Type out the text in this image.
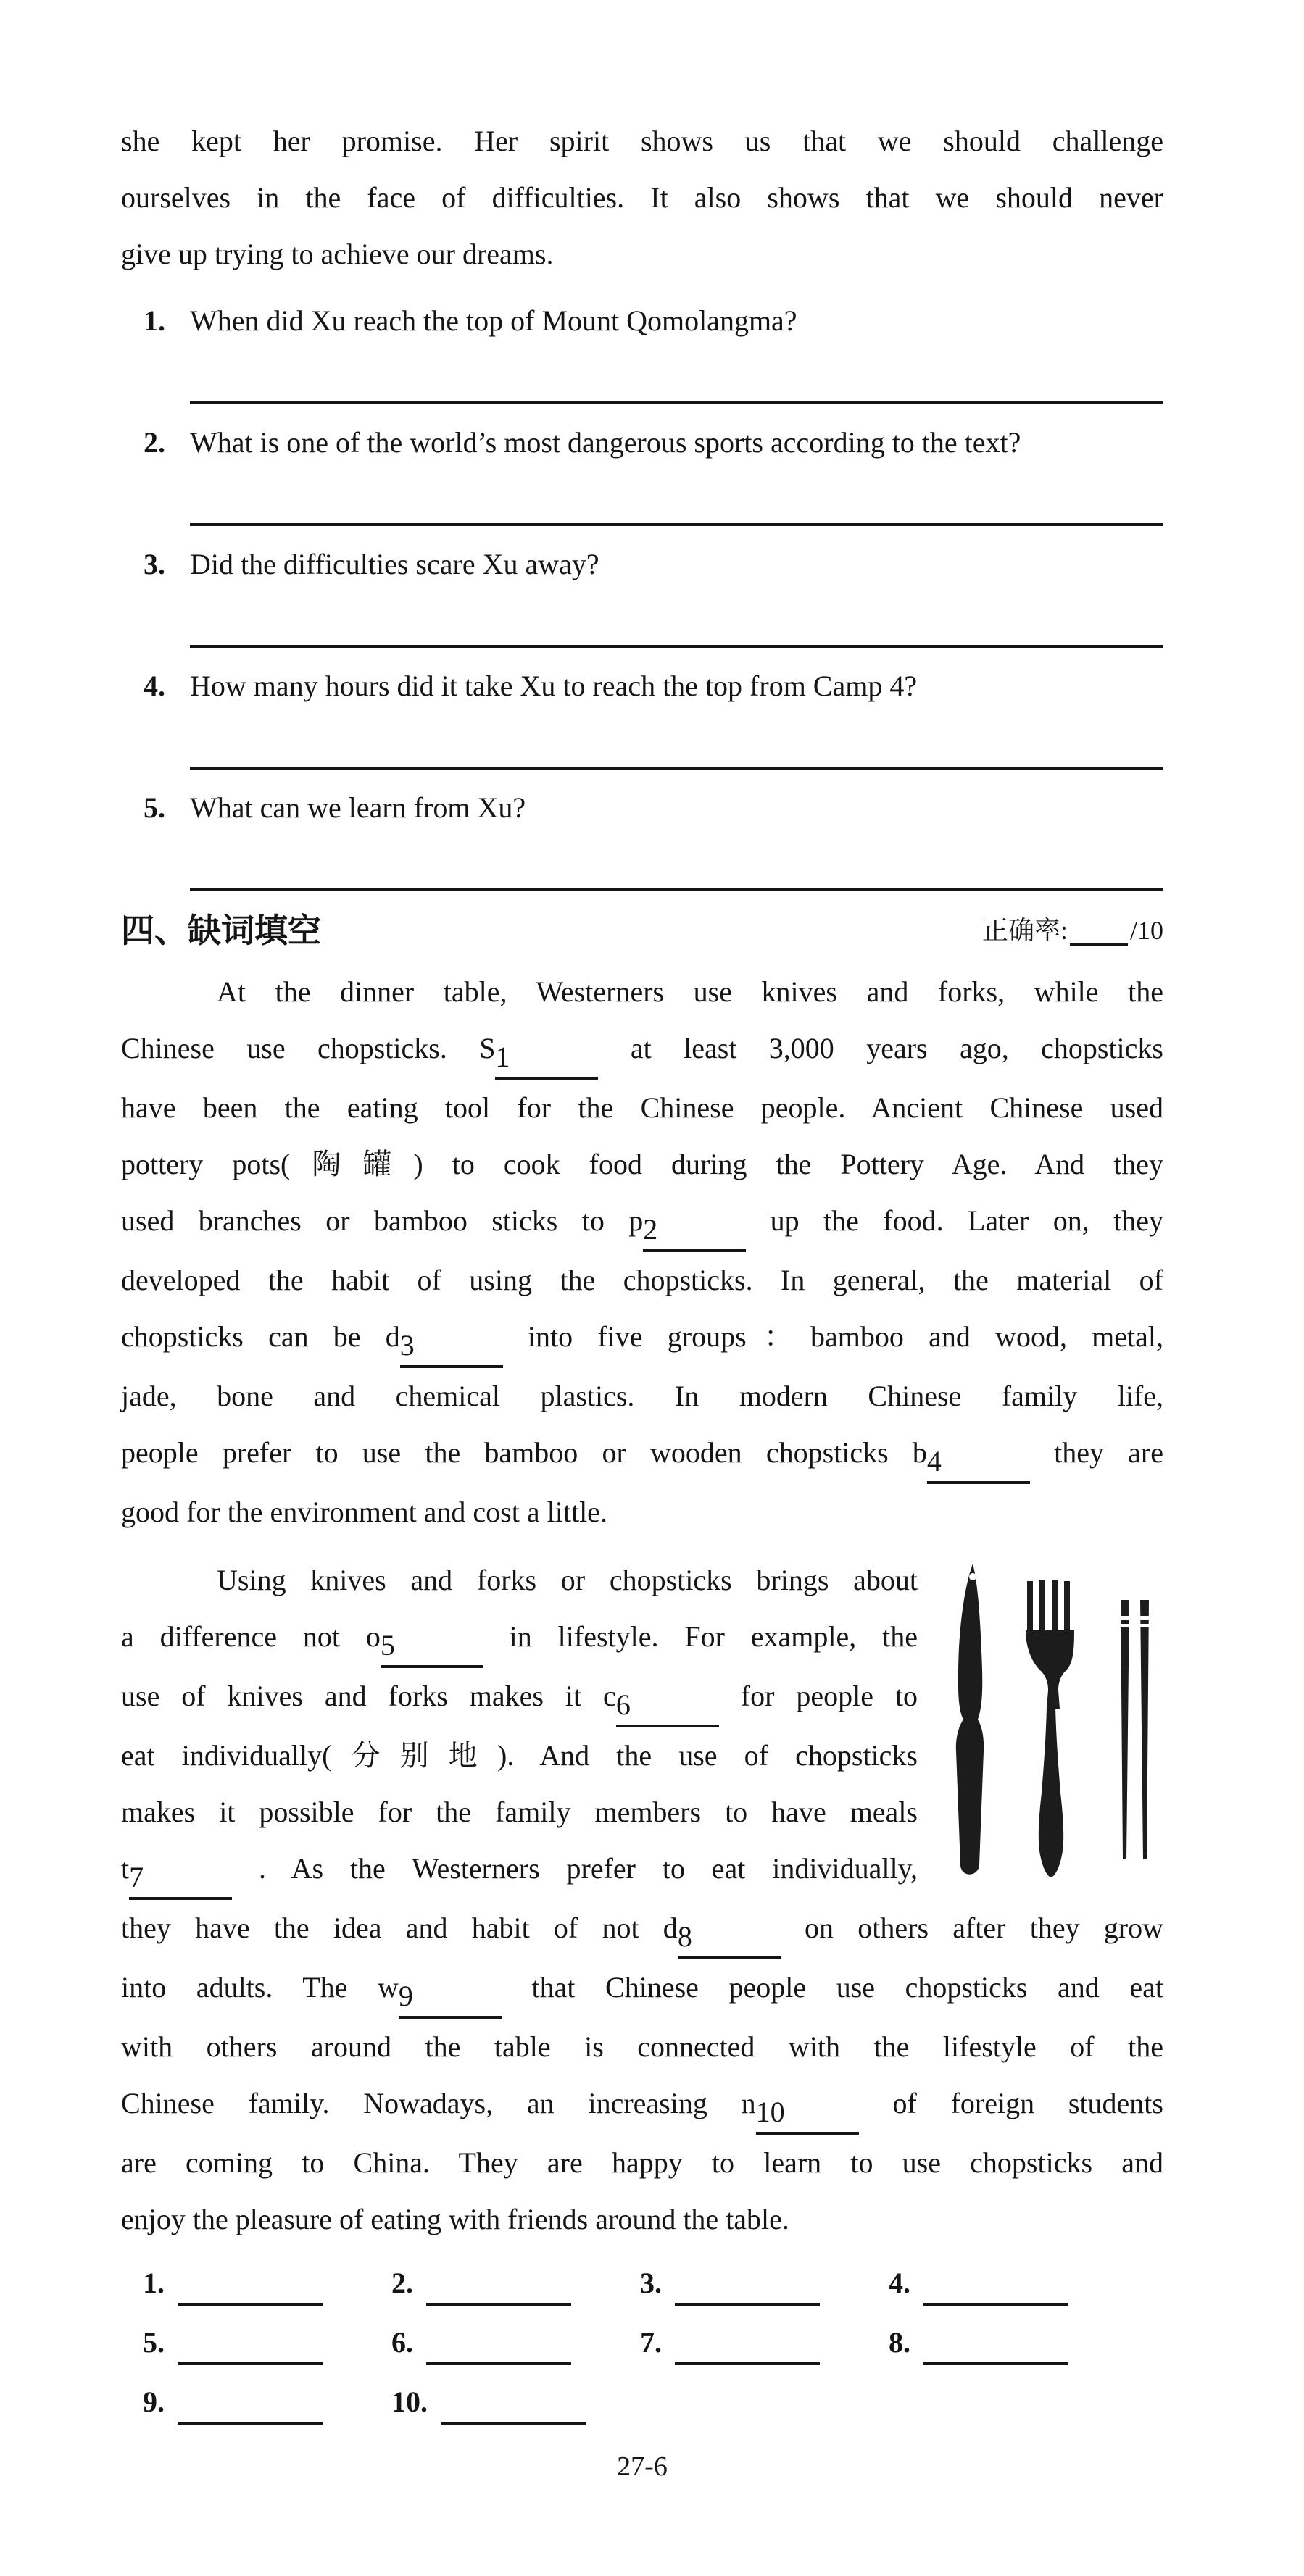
she kept her promise. Her spirit shows us that we should challenge
ourselves in the face of difficulties. It also shows that we should never
give up trying to achieve our dreams.
1. When did Xu reach the top of Mount Qomolangma?
2. What is one of the world’s most dangerous sports according to the text?
3. Did the difficulties scare Xu away?
4. How many hours did it take Xu to reach the top from Camp 4?
5. What can we learn from Xu?
四、缺词填空	正确率: /10
At the dinner table, Westerners use knives and forks, while the
Chinese use chopsticks. S1	at least 3,000 years ago, chopsticks
have been the eating tool for the Chinese people. Ancient Chinese used
pottery pots(陶罐) to cook food during the Pottery Age. And they
used branches or bamboo sticks to p2	up the food. Later on, they
developed the habit of using the chopsticks. In general, the material of
chopsticks can be d3	into five groups：bamboo and wood, metal,
jade, bone and chemical plastics. In modern Chinese family life,
people prefer to use the bamboo or wooden chopsticks b4	they are
good for the environment and cost a little.
Using knives and forks or chopsticks brings about
a difference not o5	in lifestyle. For example, the
use of knives and forks makes it c6	for people to
eat individually(分别地). And the use of chopsticks
makes it possible for the family members to have meals
t7	. As the Westerners prefer to eat individually,
they have the idea and habit of not d8	on others after they grow
into adults. The w9	that Chinese people use chopsticks and eat
with others around the table is connected with the lifestyle of the
Chinese family. Nowadays, an increasing n10	of foreign students
are coming to China. They are happy to learn to use chopsticks and
enjoy the pleasure of eating with friends around the table.
1.	2.	3.	4.
5.	6.	7.	8.
9.	10.
27-6
